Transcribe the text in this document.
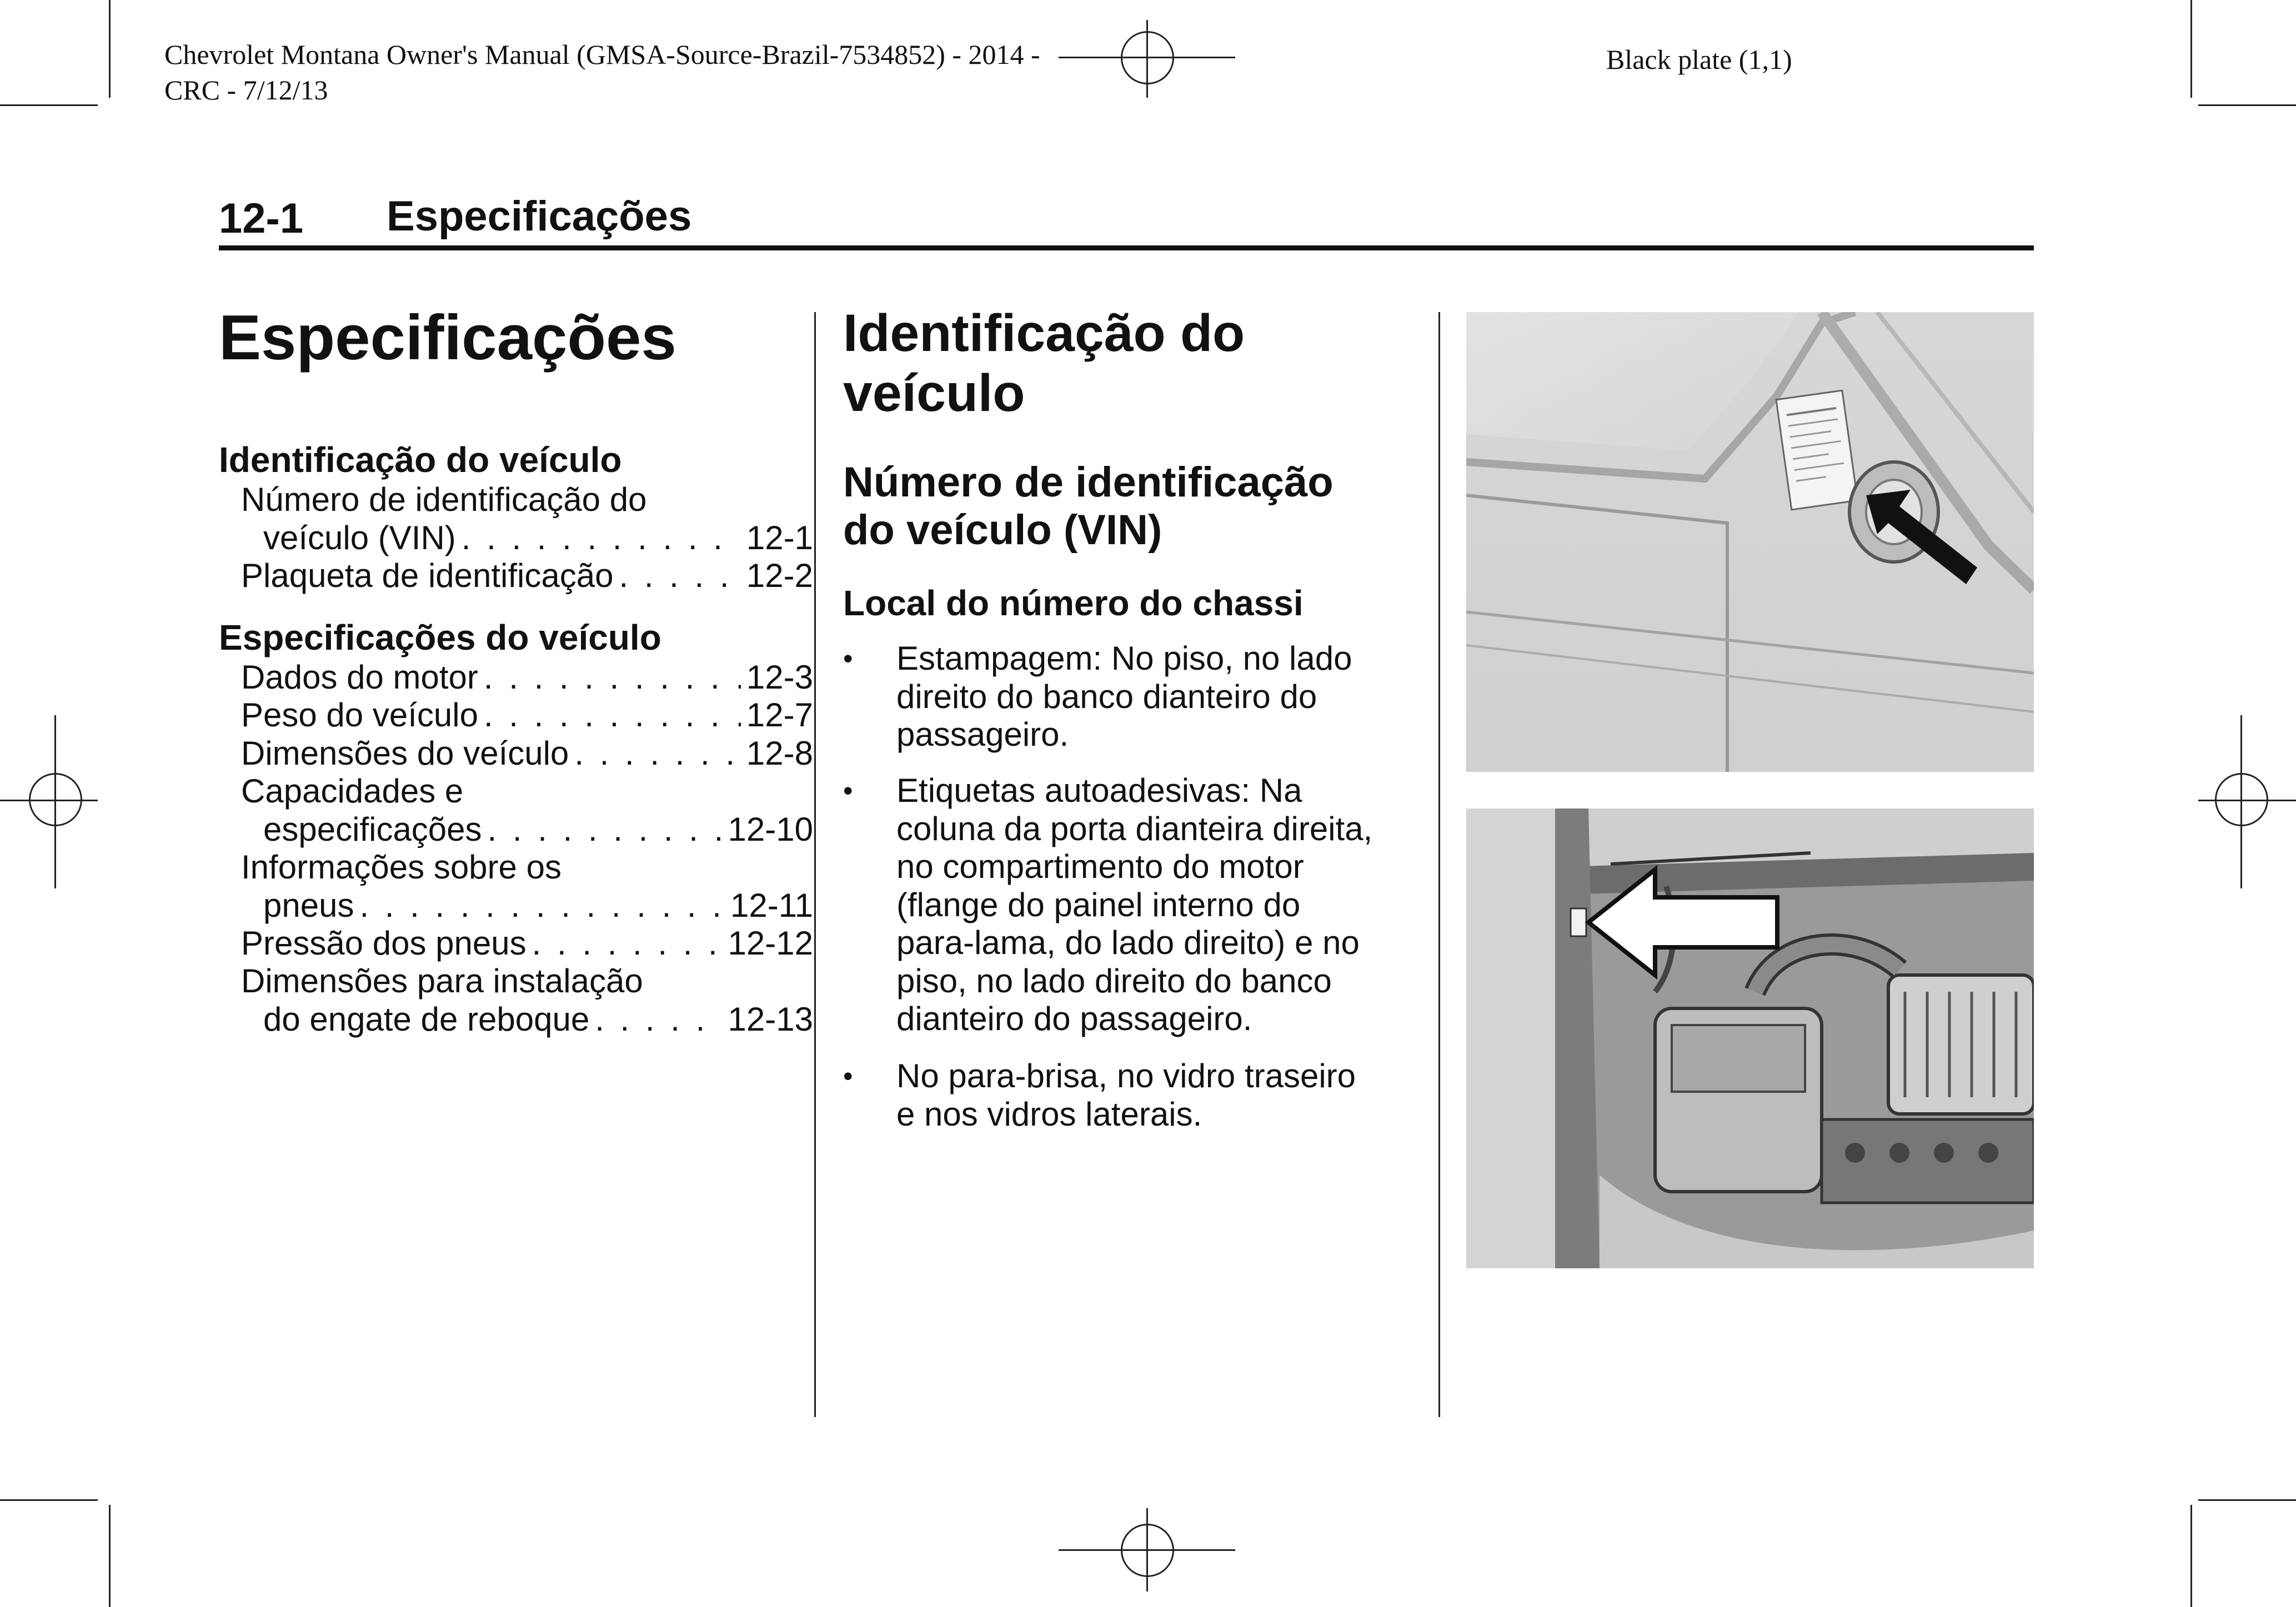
Chevrolet Montana Owner's Manual (GMSA-Source-Brazil-7534852) - 2014 -
CRC - 7/12/13
Black plate (1,1)
12-1 Especificações
Especificações
Identificação do veículo
Número de identificação do
veículo (VIN) . . .	12-1
Plaqueta de identificação . . .	12-2
Especificações do veículo
Dados do motor . . .	12-3
Peso do veículo . . .	12-7
Dimensões do veículo . . .	12-8
Capacidades e
especificações . . .	12-10
Informações sobre os
pneus . . .	12-11
Pressão dos pneus . . .	12-12
Dimensões para instalação
do engate de reboque . . .	12-13
Identificação do
veículo
Número de identificação
do veículo (VIN)
Local do número do chassi
• Estampagem: No piso, no lado
direito do banco dianteiro do
passageiro.
• Etiquetas autoadesivas: Na
coluna da porta dianteira direita,
no compartimento do motor
(flange do painel interno do
para-lama, do lado direito) e no
piso, no lado direito do banco
dianteiro do passageiro.
• No para-brisa, no vidro traseiro
e nos vidros laterais.
